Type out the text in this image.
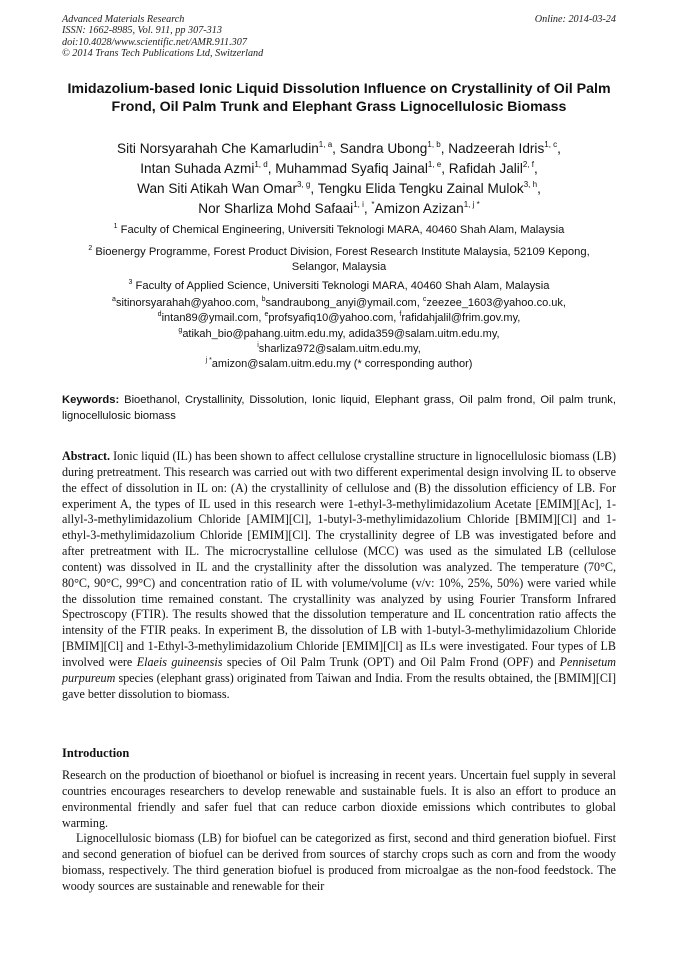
Advanced Materials Research
ISSN: 1662-8985, Vol. 911, pp 307-313
doi:10.4028/www.scientific.net/AMR.911.307
© 2014 Trans Tech Publications Ltd, Switzerland
Online: 2014-03-24
Imidazolium-based Ionic Liquid Dissolution Influence on Crystallinity of Oil Palm Frond, Oil Palm Trunk and Elephant Grass Lignocellulosic Biomass
Siti Norsyarahah Che Kamarludin$^{1, a}$, Sandra Ubong$^{1, b}$, Nadzeerah Idris$^{1, c}$,
Intan Suhada Azmi$^{1, d}$, Muhammad Syafiq Jainal$^{1, e}$, Rafidah Jalil$^{2, f}$,
Wan Siti Atikah Wan Omar$^{3, g}$, Tengku Elida Tengku Zainal Mulok$^{3, h}$,
Nor Sharliza Mohd Safaai$^{1, i}$, *Amizon Azizan$^{1, j *}$
$^1$ Faculty of Chemical Engineering, Universiti Teknologi MARA, 40460 Shah Alam, Malaysia
$^2$ Bioenergy Programme, Forest Product Division, Forest Research Institute Malaysia, 52109 Kepong, Selangor, Malaysia
$^3$ Faculty of Applied Science, Universiti Teknologi MARA, 40460 Shah Alam, Malaysia
$^a$sitinorsyarahah@yahoo.com, $^b$sandraubong_anyi@ymail.com, $^c$zeezee_1603@yahoo.co.uk,
$^d$intan89@ymail.com, $^e$profsyafiq10@yahoo.com, $^f$rafidahjalil@frim.gov.my,
$^g$atikah_bio@pahang.uitm.edu.my, adida359@salam.uitm.edu.my,
$^i$sharliza972@salam.uitm.edu.my,
$^{j *}$amizon@salam.uitm.edu.my (* corresponding author)
Keywords: Bioethanol, Crystallinity, Dissolution, Ionic liquid, Elephant grass, Oil palm frond, Oil palm trunk, lignocellulosic biomass
Abstract. Ionic liquid (IL) has been shown to affect cellulose crystalline structure in lignocellulosic biomass (LB) during pretreatment. This research was carried out with two different experimental design involving IL to observe the effect of dissolution in IL on: (A) the crystallinity of cellulose and (B) the dissolution efficiency of LB. For experiment A, the types of IL used in this research were 1-ethyl-3-methylimidazolium Acetate [EMIM][Ac], 1-allyl-3-methylimidazolium Chloride [AMIM][Cl], 1-butyl-3-methylimidazolium Chloride [BMIM][Cl] and 1-ethyl-3-methylimidazolium Chloride [EMIM][Cl]. The crystallinity degree of LB was investigated before and after pretreatment with IL. The microcrystalline cellulose (MCC) was used as the simulated LB (cellulose content) was dissolved in IL and the crystallinity after the dissolution was analyzed. The temperature (70°C, 80°C, 90°C, 99°C) and concentration ratio of IL with volume/volume (v/v: 10%, 25%, 50%) were varied while the dissolution time remained constant. The crystallinity was analyzed by using Fourier Transform Infrared Spectroscopy (FTIR). The results showed that the dissolution temperature and IL concentration ratio affects the intensity of the FTIR peaks. In experiment B, the dissolution of LB with 1-butyl-3-methylimidazolium Chloride [BMIM][Cl] and 1-Ethyl-3-methylimidazolium Chloride [EMIM][Cl] as ILs were investigated. Four types of LB involved were Elaeis guineensis species of Oil Palm Trunk (OPT) and Oil Palm Frond (OPF) and Pennisetum purpureum species (elephant grass) originated from Taiwan and India. From the results obtained, the [BMIM][CI] gave better dissolution to biomass.
Introduction

Research on the production of bioethanol or biofuel is increasing in recent years. Uncertain fuel supply in several countries encourages researchers to develop renewable and sustainable fuels. It is also an effort to produce an environmental friendly and safer fuel that can reduce carbon dioxide emissions which contributes to global warming.

Lignocellulosic biomass (LB) for biofuel can be categorized as first, second and third generation biofuel. First and second generation of biofuel can be derived from sources of starchy crops such as corn and from the woody biomass, respectively. The third generation biofuel is produced from microalgae as the non-food feedstock. The woody sources are sustainable and renewable for their
